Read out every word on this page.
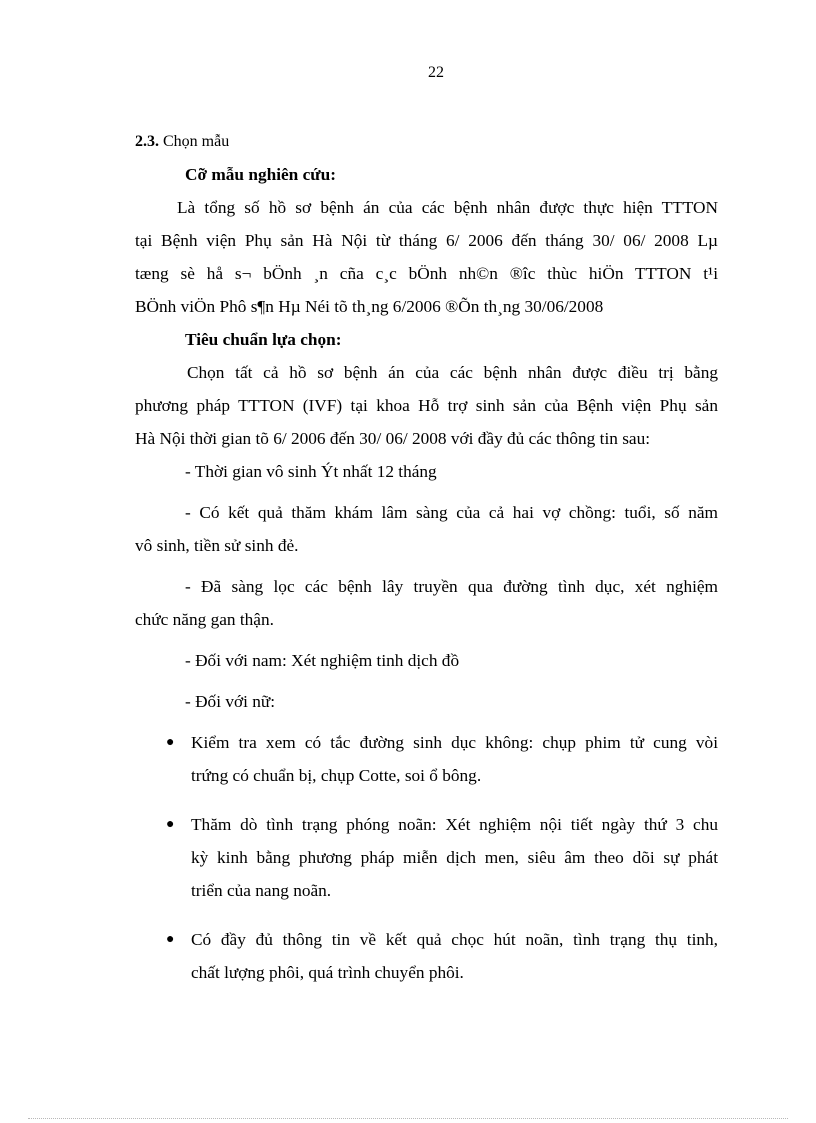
22
2.3. Chọn mẫu
Cỡ mẫu nghiên cứu:
Là tổng số hồ sơ bệnh án của các bệnh nhân được thực hiện TTTON
tại Bệnh viện Phụ sản Hà Nội từ tháng 6/ 2006 đến tháng 30/ 06/ 2008 Lµ
tæng sè hå s¬ bÖnh ¸n cña c¸c bÖnh nh©n ®îc thùc hiÖn TTTON t¹i
BÖnh viÖn Phô s¶n Hµ Néi tõ th¸ng 6/2006 ®Õn th¸ng 30/06/2008
Tiêu chuẩn lựa chọn:
Chọn tất cả hồ sơ bệnh án của các bệnh nhân được điều trị bằng
phương pháp TTTON (IVF) tại khoa Hỗ trợ sinh sản của Bệnh viện Phụ sản
Hà Nội thời gian tõ 6/ 2006 đến 30/ 06/ 2008 với đầy đủ các thông tin sau:
- Thời gian vô sinh Ýt nhất 12 tháng
- Có kết quả thăm khám lâm sàng của cả hai vợ chồng: tuổi, số năm
vô sinh, tiền sử sinh đẻ.
- Đã sàng lọc các bệnh lây truyền qua đường tình dục, xét nghiệm
chức năng gan thận.
- Đối với nam: Xét nghiệm tinh dịch đồ
- Đối với nữ:
● Kiểm tra xem có tắc đường sinh dục không: chụp phim tử cung vòi
trứng có chuẩn bị, chụp Cotte, soi ổ bông.
● Thăm dò tình trạng phóng noãn: Xét nghiệm nội tiết ngày thứ 3 chu
kỳ kinh bằng phương pháp miễn dịch men, siêu âm theo dõi sự phát
triển của nang noãn.
● Có đầy đủ thông tin về kết quả chọc hút noãn, tình trạng thụ tinh,
chất lượng phôi, quá trình chuyển phôi.
